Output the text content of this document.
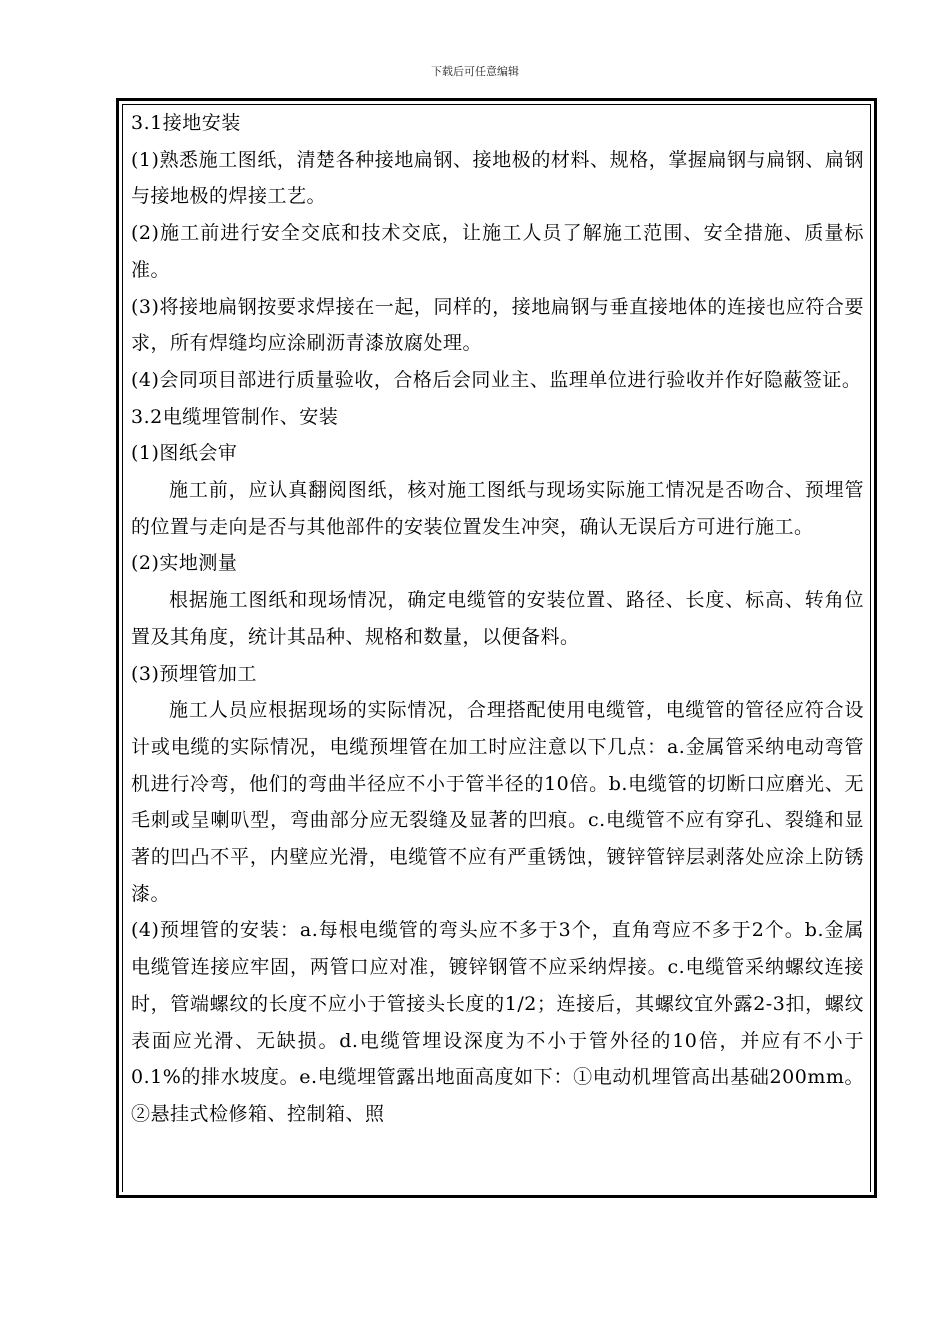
下载后可任意编辑

3.1接地安装

(1)熟悉施工图纸，清楚各种接地扁钢、接地极的材料、规格，掌握扁钢与扁钢、扁钢与接地极的焊接工艺。

(2)施工前进行安全交底和技术交底，让施工人员了解施工范围、安全措施、质量标准。

(3)将接地扁钢按要求焊接在一起，同样的，接地扁钢与垂直接地体的连接也应符合要求，所有焊缝均应涂刷沥青漆放腐处理。

(4)会同项目部进行质量验收，合格后会同业主、监理单位进行验收并作好隐蔽签证。

3.2电缆埋管制作、安装

(1)图纸会审

施工前，应认真翻阅图纸，核对施工图纸与现场实际施工情况是否吻合、预埋管的位置与走向是否与其他部件的安装位置发生冲突，确认无误后方可进行施工。

(2)实地测量

根据施工图纸和现场情况，确定电缆管的安装位置、路径、长度、标高、转角位置及其角度，统计其品种、规格和数量，以便备料。

(3)预埋管加工

施工人员应根据现场的实际情况，合理搭配使用电缆管，电缆管的管径应符合设计或电缆的实际情况，电缆预埋管在加工时应注意以下几点：a.金属管采纳电动弯管机进行冷弯，他们的弯曲半径应不小于管半径的10倍。b.电缆管的切断口应磨光、无毛刺或呈喇叭型，弯曲部分应无裂缝及显著的凹痕。c.电缆管不应有穿孔、裂缝和显著的凹凸不平，内壁应光滑，电缆管不应有严重锈蚀，镀锌管锌层剥落处应涂上防锈漆。

(4)预埋管的安装：a.每根电缆管的弯头应不多于3个，直角弯应不多于2个。b.金属电缆管连接应牢固，两管口应对准，镀锌钢管不应采纳焊接。c.电缆管采纳螺纹连接时，管端螺纹的长度不应小于管接头长度的1/2；连接后，其螺纹宜外露2-3扣，螺纹表面应光滑、无缺损。d.电缆管埋设深度为不小于管外径的10倍，并应有不小于0.1%的排水坡度。e.电缆埋管露出地面高度如下：①电动机埋管高出基础200mm。②悬挂式检修箱、控制箱、照
